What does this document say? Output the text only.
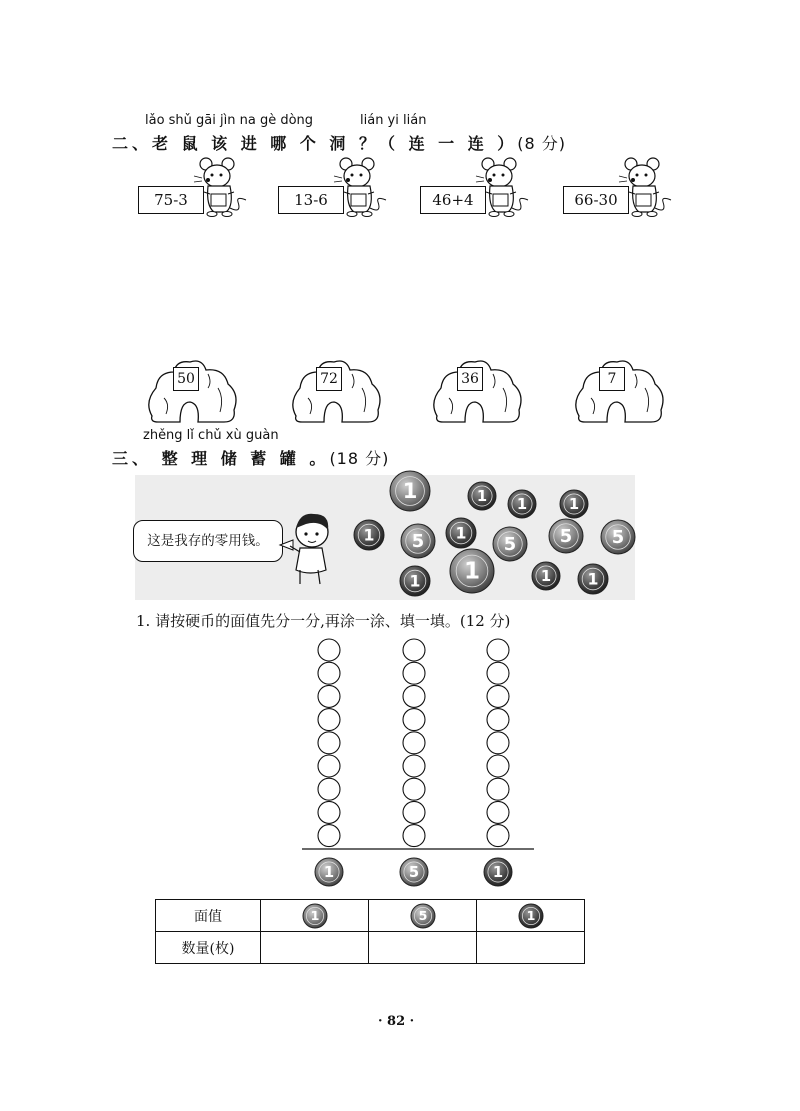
lǎo shǔ gāi jìn na gè dòng	lián yi lián
二、老 鼠 该 进 哪 个 洞 ？（ 连 一 连 ）(8 分)
75-3	13-6	46+4	66-30
50	72	36	7
zhěng lǐ chǔ xù guàn
三、 整 理 储 蓄 罐 。(18 分)
这是我存的零用钱。
1	1 1	1
1 5 1
5 5 5
1 1	1 1
1. 请按硬币的面值先分一分,再涂一涂、填一填。(12 分)
面值	1	5	1

数量(枚)			
· 82 ·
1	5	1
